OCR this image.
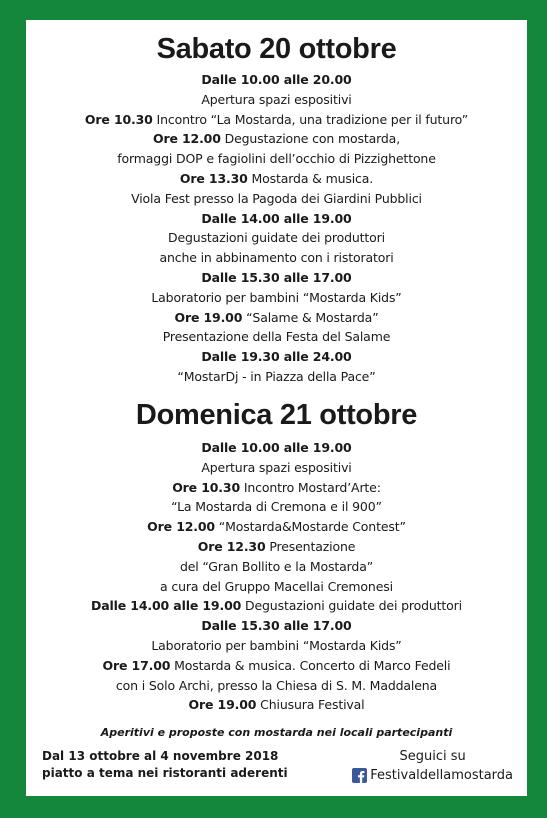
Sabato 20 ottobre
Dalle 10.00 alle 20.00
Apertura spazi espositivi
Ore 10.30 Incontro “La Mostarda, una tradizione per il futuro”
Ore 12.00 Degustazione con mostarda,
formaggi DOP e fagiolini dell’occhio di Pizzighettone
Ore 13.30 Mostarda & musica.
Viola Fest presso la Pagoda dei Giardini Pubblici
Dalle 14.00 alle 19.00
Degustazioni guidate dei produttori
anche in abbinamento con i ristoratori
Dalle 15.30 alle 17.00
Laboratorio per bambini “Mostarda Kids”
Ore 19.00 “Salame & Mostarda”
Presentazione della Festa del Salame
Dalle 19.30 alle 24.00
“MostarDj - in Piazza della Pace”
Domenica 21 ottobre
Dalle 10.00 alle 19.00
Apertura spazi espositivi
Ore 10.30 Incontro Mostard’Arte:
“La Mostarda di Cremona e il 900”
Ore 12.00 “Mostarda&Mostarde Contest”
Ore 12.30 Presentazione
del “Gran Bollito e la Mostarda”
a cura del Gruppo Macellai Cremonesi
Dalle 14.00 alle 19.00 Degustazioni guidate dei produttori
Dalle 15.30 alle 17.00
Laboratorio per bambini “Mostarda Kids”
Ore 17.00 Mostarda & musica. Concerto di Marco Fedeli
con i Solo Archi, presso la Chiesa di S. M. Maddalena
Ore 19.00 Chiusura Festival
Aperitivi e proposte con mostarda nei locali partecipanti
Dal 13 ottobre al 4 novembre 2018
piatto a tema nei ristoranti aderenti
Seguici su
Festivaldellamostarda
